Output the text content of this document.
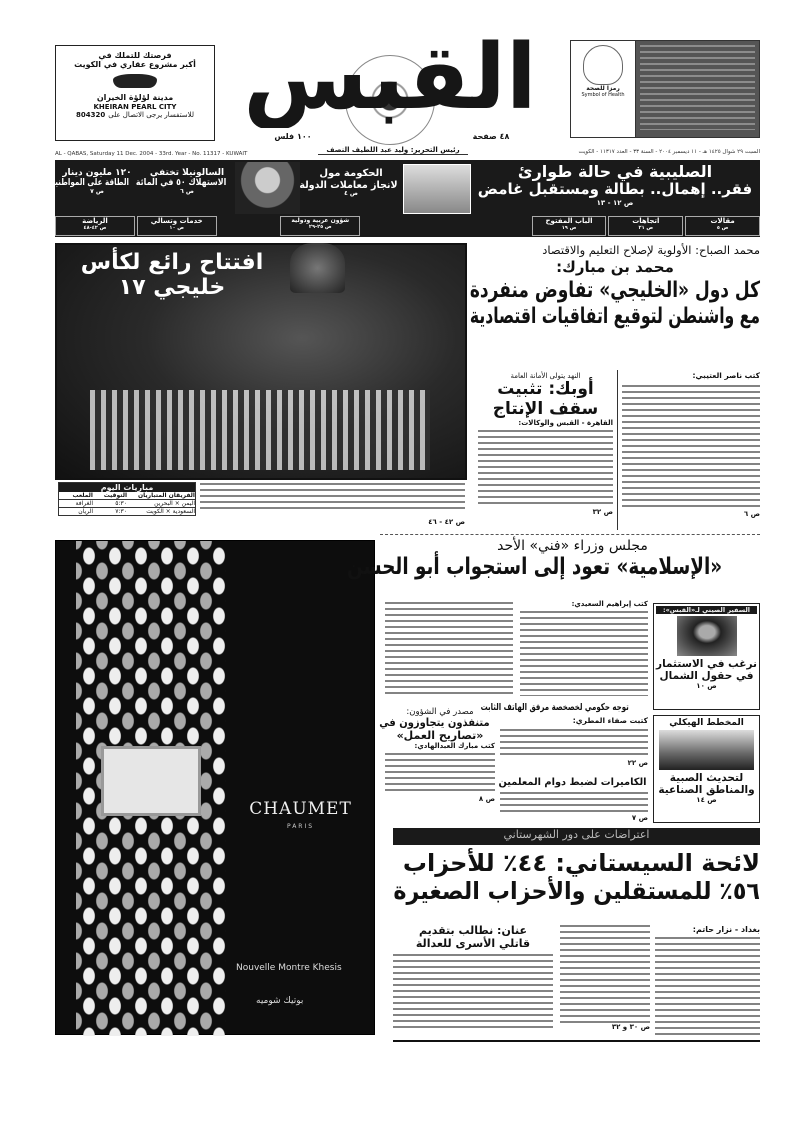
فرصتك للتملك في
أكبر مشروع عقاري في الكويت
مدينة لؤلؤة الخيران
KHEIRAN PEARL CITY
للاستفسار يرجى الاتصال على
804320 القبس
١٠٠ فلس	٤٨ صفحة
رئيس التحرير: وليد عبد اللطيف النصف
رمزا للصحة
Symbol of Health
AL - QABAS, Saturday 11 Dec. 2004 - 33rd. Year - No. 11317 - KUWAIT	السبت ٢٩ شوال ١٤٢٥ هـ - ١١ ديسمبر ٢٠٠٤ - السنة ٣٣ - العدد ١١٣١٧ - الكويت
الصليبية في حالة طوارئ
فقر.. إهمال.. بطالة ومستقبل غامض
ص ١٢ - ١٣
الحكومة مول
لانجاز معاملات الدولة
ص ٤
السالونيلا تختفي
الاستهلاك ٥٠ في المائة
ص ٦
١٢٠ مليون دينار
الطاقة على المواطنين
ص ٧
مقالات
ص ٥
اتجاهات
ص ٢١
الباب المفتوح
ص ١٩
شؤون عربية ودولية
ص ٢٥-٢٩
خدمات وتسالي
ص ١٠
الرياضة
ص ٤٢-٤٨
افتتاح رائع لكأس
خليجي ١٧
ص ٤٢ - ٤٦
مباريات اليوم
الفريقان المتباريان
التوقيت
الملعب
اليمن × البحرين
٥:٣٠
الغرافة
السعودية × الكويت
٧:٣٠
الريان
محمد الصباح: الأولوية لإصلاح التعليم والاقتصاد
محمد بن مبارك:
كل دول «الخليجي» تفاوض منفردة
مع واشنطن لتوقيع اتفاقيات اقتصادية
كتب ناصر العتيبي:
ص ٦
النهد يتولى الأمانة العامة
أوبك: تثبيت
سقف الإنتاج
القاهرة - القبس والوكالات:
ص ٣٢
مجلس وزراء «فني» الأحد
«الإسلامية» تعود إلى استجواب أبو الحسن
كتب إبراهيم السعيدي:
السفير الصيني لـ«القبس»:
نرغب في الاستثمار
في حقول الشمال
ص ١٠
المخطط الهيكلي
لتحديث الصبية
والمناطق الصناعية
ص ١٤
توجه حكومي لخصخصة مرفق الهاتف الثابت
كتبت صفاء المطري:
ص ٢٢
الكاميرات لضبط دوام المعلمين
ص ٧
مصدر في الشؤون:
متنفذون يتجاوزون في
«تصاريح العمل»
كتب مبارك العبدالهادي:
ص ٨
اعتراضات على دور الشهرستاني
لائحة السيستاني: ٤٤٪ للأحزاب
٥٦٪ للمستقلين والأحزاب الصغيرة
بغداد - نزار حاتم:
ص ٣٠ و ٣٢
عنان: نطالب بتقديم
قاتلي الأسرى للعدالة
CHAUMET
PARIS
Nouvelle Montre Khesis
بوتيك شوميه
